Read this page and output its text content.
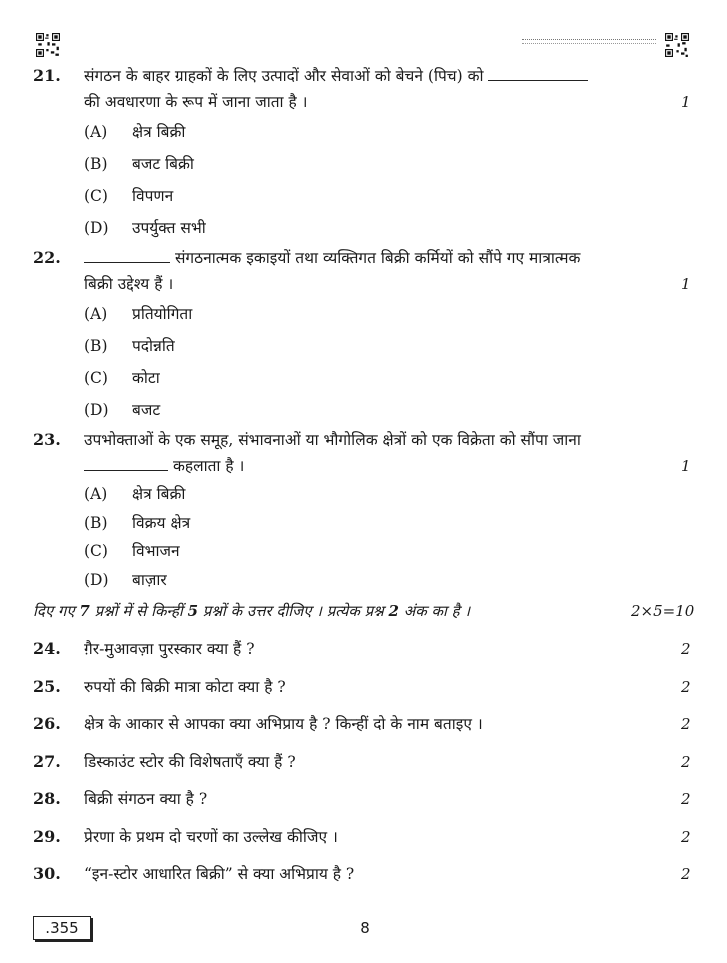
21. संगठन के बाहर ग्राहकों के लिए उत्पादों और सेवाओं को बेचने (पिच) को
की अवधारणा के रूप में जाना जाता है ।	1
(A) क्षेत्र बिक्री
(B) बजट बिक्री
(C) विपणन
(D) उपर्युक्त सभी
22.	संगठनात्मक इकाइयों तथा व्यक्तिगत बिक्री कर्मियों को सौंपे गए मात्रात्मक
बिक्री उद्देश्य हैं ।	1
(A) प्रतियोगिता
(B) पदोन्नति
(C) कोटा
(D) बजट
23. उपभोक्ताओं के एक समूह, संभावनाओं या भौगोलिक क्षेत्रों को एक विक्रेता को सौंपा जाना
कहलाता है ।	1
(A) क्षेत्र बिक्री
(B) विक्रय क्षेत्र
(C) विभाजन
(D) बाज़ार
दिए गए 7 प्रश्नों में से किन्हीं 5 प्रश्नों के उत्तर दीजिए । प्रत्येक प्रश्न 2 अंक का है ।	2×5=10
24. ग़ैर-मुआवज़ा पुरस्कार क्या हैं ?	2
25. रुपयों की बिक्री मात्रा कोटा क्या है ?	2
26. क्षेत्र के आकार से आपका क्या अभिप्राय है ? किन्हीं दो के नाम बताइए ।	2
27. डिस्काउंट स्टोर की विशेषताएँ क्या हैं ?	2
28. बिक्री संगठन क्या है ?	2
29. प्रेरणा के प्रथम दो चरणों का उल्लेख कीजिए ।	2
30. “इन-स्टोर आधारित बिक्री” से क्या अभिप्राय है ?	2
.355	8
